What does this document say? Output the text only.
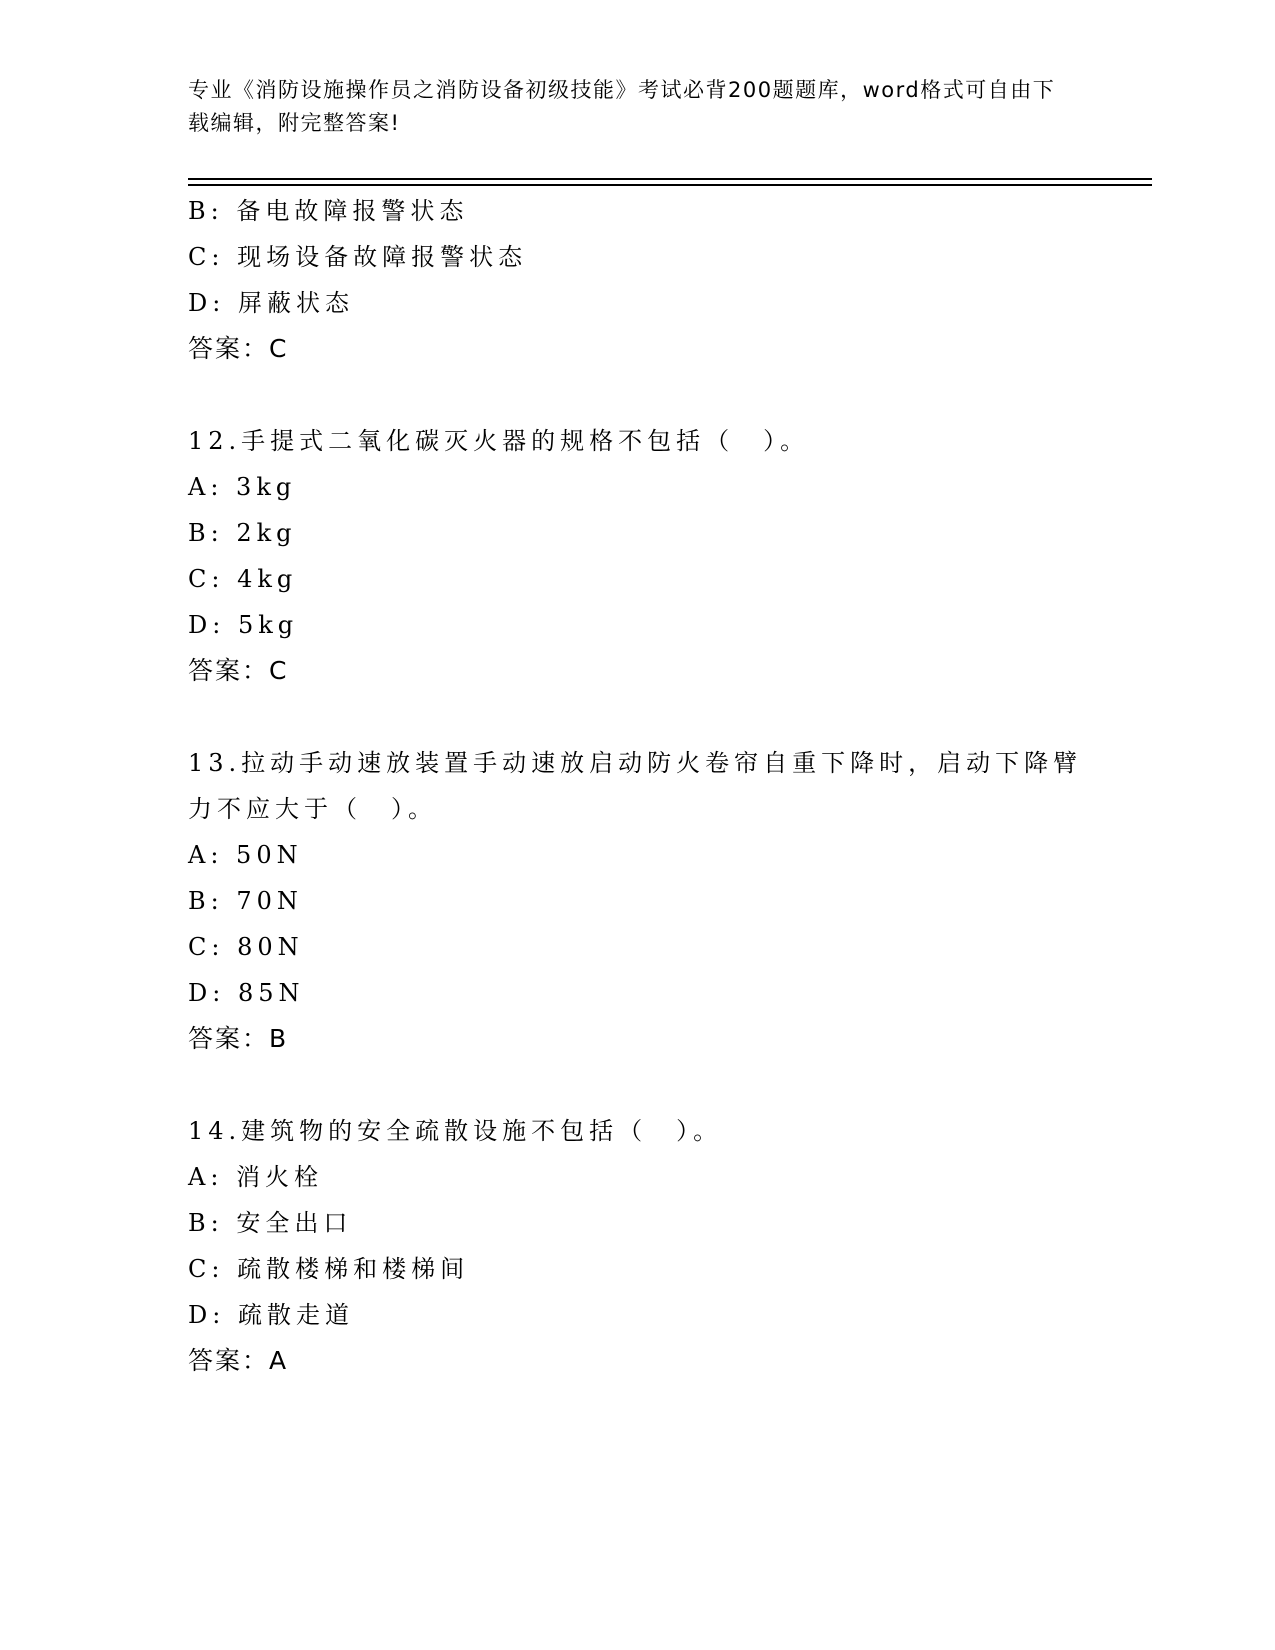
专业《消防设施操作员之消防设备初级技能》考试必背200题题库，word格式可自由下载编辑，附完整答案!
B: 备电故障报警状态
C: 现场设备故障报警状态
D: 屏蔽状态
答案：C
12.手提式二氧化碳灭火器的规格不包括（　）。
A: 3kg
B: 2kg
C: 4kg
D: 5kg
答案：C
13.拉动手动速放装置手动速放启动防火卷帘自重下降时，启动下降臂力不应大于（　）。
A: 50N
B: 70N
C: 80N
D: 85N
答案：B
14.建筑物的安全疏散设施不包括（　）。
A: 消火栓
B: 安全出口
C: 疏散楼梯和楼梯间
D: 疏散走道
答案：A
